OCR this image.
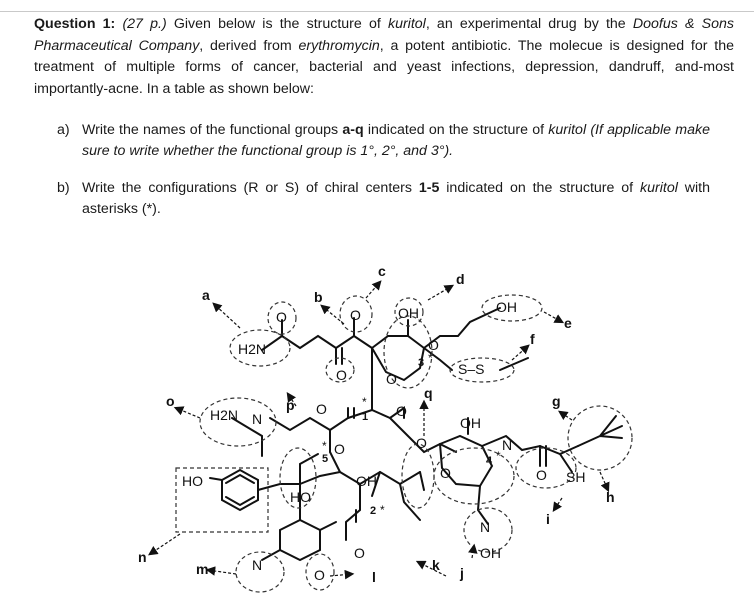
Question 1: (27 p.) Given below is the structure of kuritol, an experimental drug by the Doofus & Sons Pharmaceutical Company, derived from erythromycin, a potent antibiotic. The molecue is designed for the treatment of multiple forms of cancer, bacterial and yeast infections, depression, dandruff, and-most importantly-acne. In a table as shown below:
a) Write the names of the functional groups a-q indicated on the structure of kuritol (If applicable make sure to write whether the functional group is 1°, 2°, and 3°).
b) Write the configurations (R or S) of chiral centers 1-5 indicated on the structure of kuritol with asterisks (*).
H2N
O
O
O	OH
O
O
OH
S–S
H2N N
O	O
O
OH
O
OH
N
O	O SH
HO
HO
O
N
OH
N
O
a	b
c	d
e
f
g
h
i
j
k
l
m
n
o	p
q
1
*
2 *
3 *
4 *
5
*
